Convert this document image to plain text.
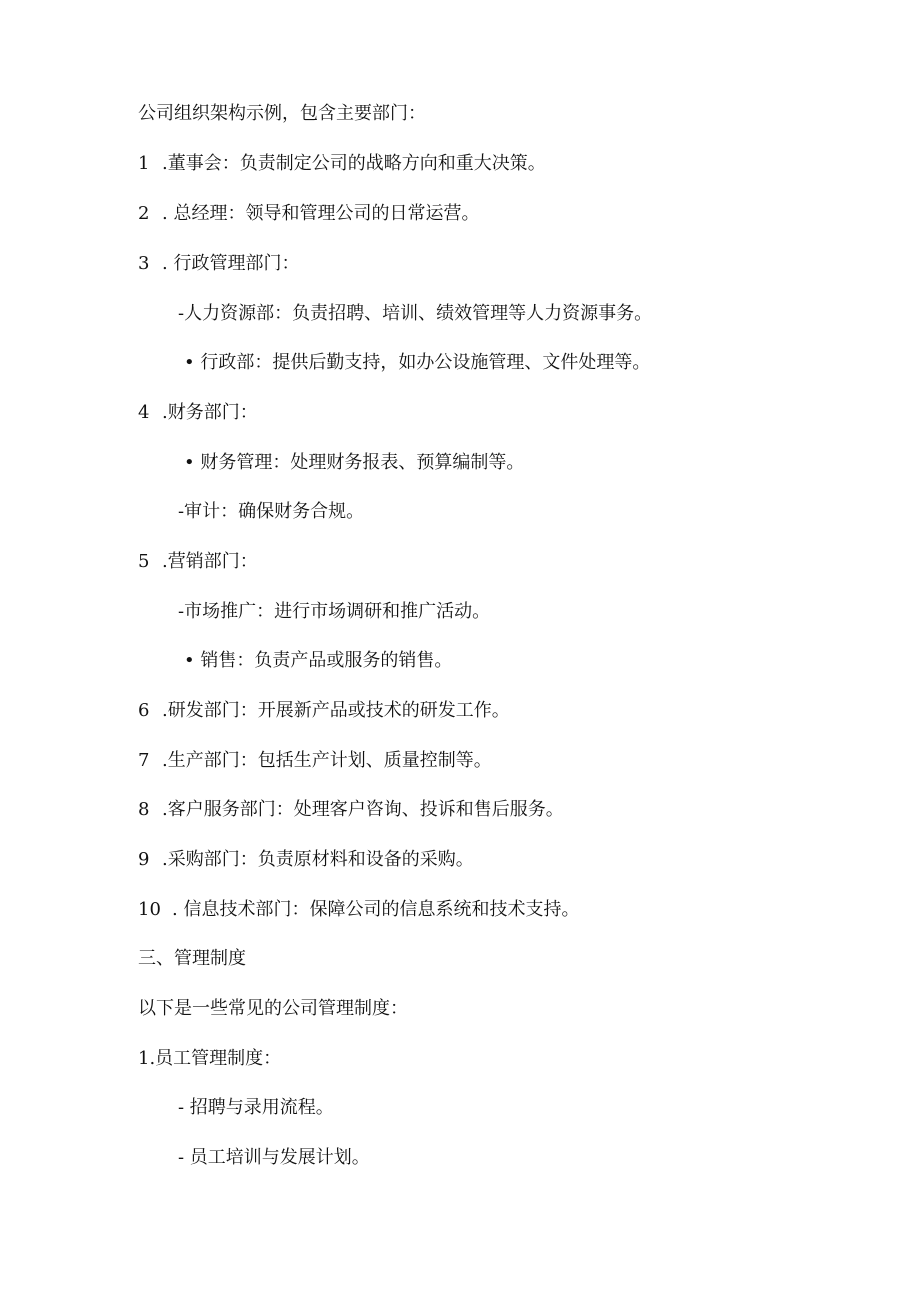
公司组织架构示例，包含主要部门：
1 .董事会：负责制定公司的战略方向和重大决策。
2 . 总经理：领导和管理公司的日常运营。
3 . 行政管理部门：
-人力资源部：负责招聘、培训、绩效管理等人力资源事务。
• 行政部：提供后勤支持，如办公设施管理、文件处理等。
4 .财务部门：
• 财务管理：处理财务报表、预算编制等。
-审计：确保财务合规。
5 .营销部门：
-市场推广：进行市场调研和推广活动。
• 销售：负责产品或服务的销售。
6 .研发部门：开展新产品或技术的研发工作。
7 .生产部门：包括生产计划、质量控制等。
8 .客户服务部门：处理客户咨询、投诉和售后服务。
9 .采购部门：负责原材料和设备的采购。
10 . 信息技术部门：保障公司的信息系统和技术支持。
三、管理制度
以下是一些常见的公司管理制度：
1.员工管理制度：
- 招聘与录用流程。
- 员工培训与发展计划。
